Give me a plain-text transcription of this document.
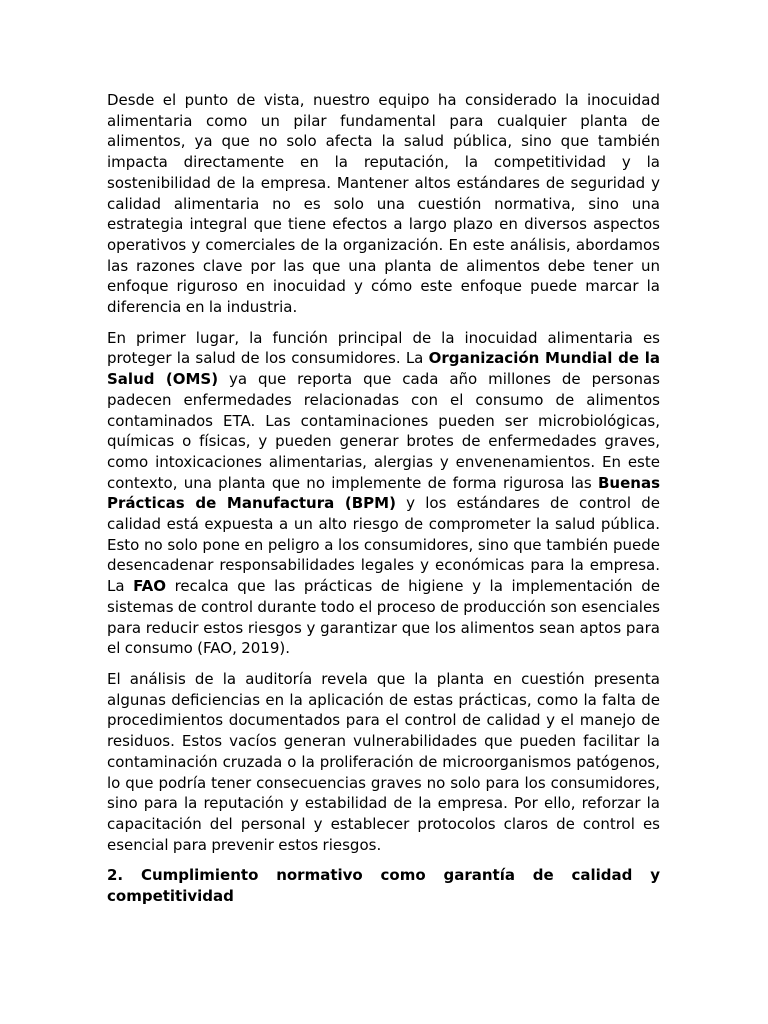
Desde el punto de vista, nuestro equipo ha considerado la inocuidad alimentaria como un pilar fundamental para cualquier planta de alimentos, ya que no solo afecta la salud pública, sino que también impacta directamente en la reputación, la competitividad y la sostenibilidad de la empresa. Mantener altos estándares de seguridad y calidad alimentaria no es solo una cuestión normativa, sino una estrategia integral que tiene efectos a largo plazo en diversos aspectos operativos y comerciales de la organización. En este análisis, abordamos las razones clave por las que una planta de alimentos debe tener un enfoque riguroso en inocuidad y cómo este enfoque puede marcar la diferencia en la industria.

En primer lugar, la función principal de la inocuidad alimentaria es proteger la salud de los consumidores. La Organización Mundial de la Salud (OMS) ya que reporta que cada año millones de personas padecen enfermedades relacionadas con el consumo de alimentos contaminados ETA. Las contaminaciones pueden ser microbiológicas, químicas o físicas, y pueden generar brotes de enfermedades graves, como intoxicaciones alimentarias, alergias y envenenamientos. En este contexto, una planta que no implemente de forma rigurosa las Buenas Prácticas de Manufactura (BPM) y los estándares de control de calidad está expuesta a un alto riesgo de comprometer la salud pública. Esto no solo pone en peligro a los consumidores, sino que también puede desencadenar responsabilidades legales y económicas para la empresa. La FAO recalca que las prácticas de higiene y la implementación de sistemas de control durante todo el proceso de producción son esenciales para reducir estos riesgos y garantizar que los alimentos sean aptos para el consumo (FAO, 2019).

El análisis de la auditoría revela que la planta en cuestión presenta algunas deficiencias en la aplicación de estas prácticas, como la falta de procedimientos documentados para el control de calidad y el manejo de residuos. Estos vacíos generan vulnerabilidades que pueden facilitar la contaminación cruzada o la proliferación de microorganismos patógenos, lo que podría tener consecuencias graves no solo para los consumidores, sino para la reputación y estabilidad de la empresa. Por ello, reforzar la capacitación del personal y establecer protocolos claros de control es esencial para prevenir estos riesgos.

2. Cumplimiento normativo como garantía de calidad y competitividad
